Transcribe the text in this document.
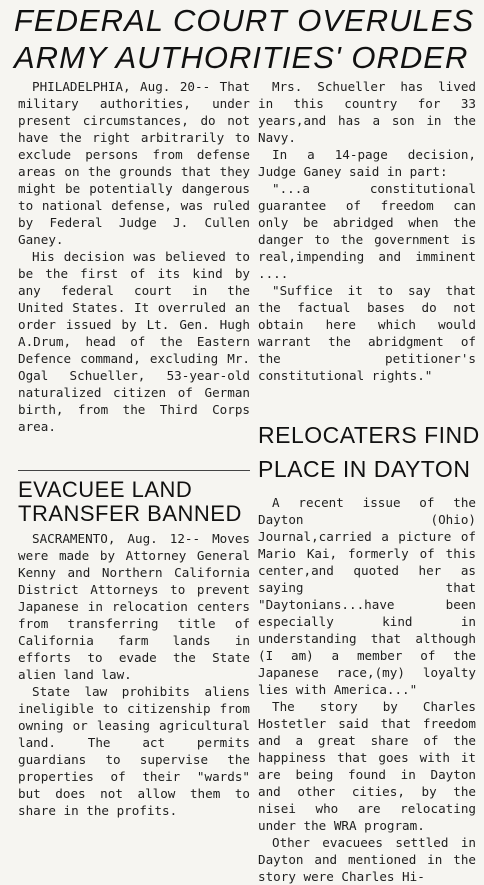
FEDERAL COURT OVERULES
ARMY AUTHORITIES' ORDER

PHILADELPHIA, Aug. 20-- That military authorities, under present circumstances, do not have the right arbitrarily to exclude persons from defense areas on the grounds that they might be potentially dangerous to national defense, was ruled by Federal Judge J. Cullen Ganey.

His decision was believed to be the first of its kind by any federal court in the United States. It overruled an order issued by Lt. Gen. Hugh A.Drum, head of the Eastern Defence command, excluding Mr. Ogal Schueller, 53-year-old naturalized citizen of German birth, from the Third Corps area.

EVACUEE LAND
TRANSFER BANNED

SACRAMENTO, Aug. 12-- Moves were made by Attorney General Kenny and Northern California District Attorneys to prevent Japanese in relocation centers from transferring title of California farm lands in efforts to evade the State alien land law.

State law prohibits aliens ineligible to citizenship from owning or leasing agricultural land. The act permits guardians to supervise the properties of their "wards" but does not allow them to share in the profits.

Mrs. Schueller has lived in this country for 33 years,and has a son in the Navy.

In a 14-page decision, Judge Ganey said in part:

"...a constitutional guarantee of freedom can only be abridged when the danger to the government is real,impending and imminent ....

"Suffice it to say that the factual bases do not obtain here which would warrant the abridgment of the petitioner's constitutional rights."

RELOCATERS FIND
PLACE IN DAYTON

A recent issue of the Dayton (Ohio) Journal,carried a picture of Mario Kai, formerly of this center,and quoted her as saying that "Daytonians...have been especially kind in understanding that although (I am) a member of the Japanese race,(my) loyalty lies with America..."

The story by Charles Hostetler said that freedom and a great share of the happiness that goes with it are being found in Dayton and other cities, by the nisei who are relocating under the WRA program.

Other evacuees settled in Dayton and mentioned in the story were Charles Hi-
